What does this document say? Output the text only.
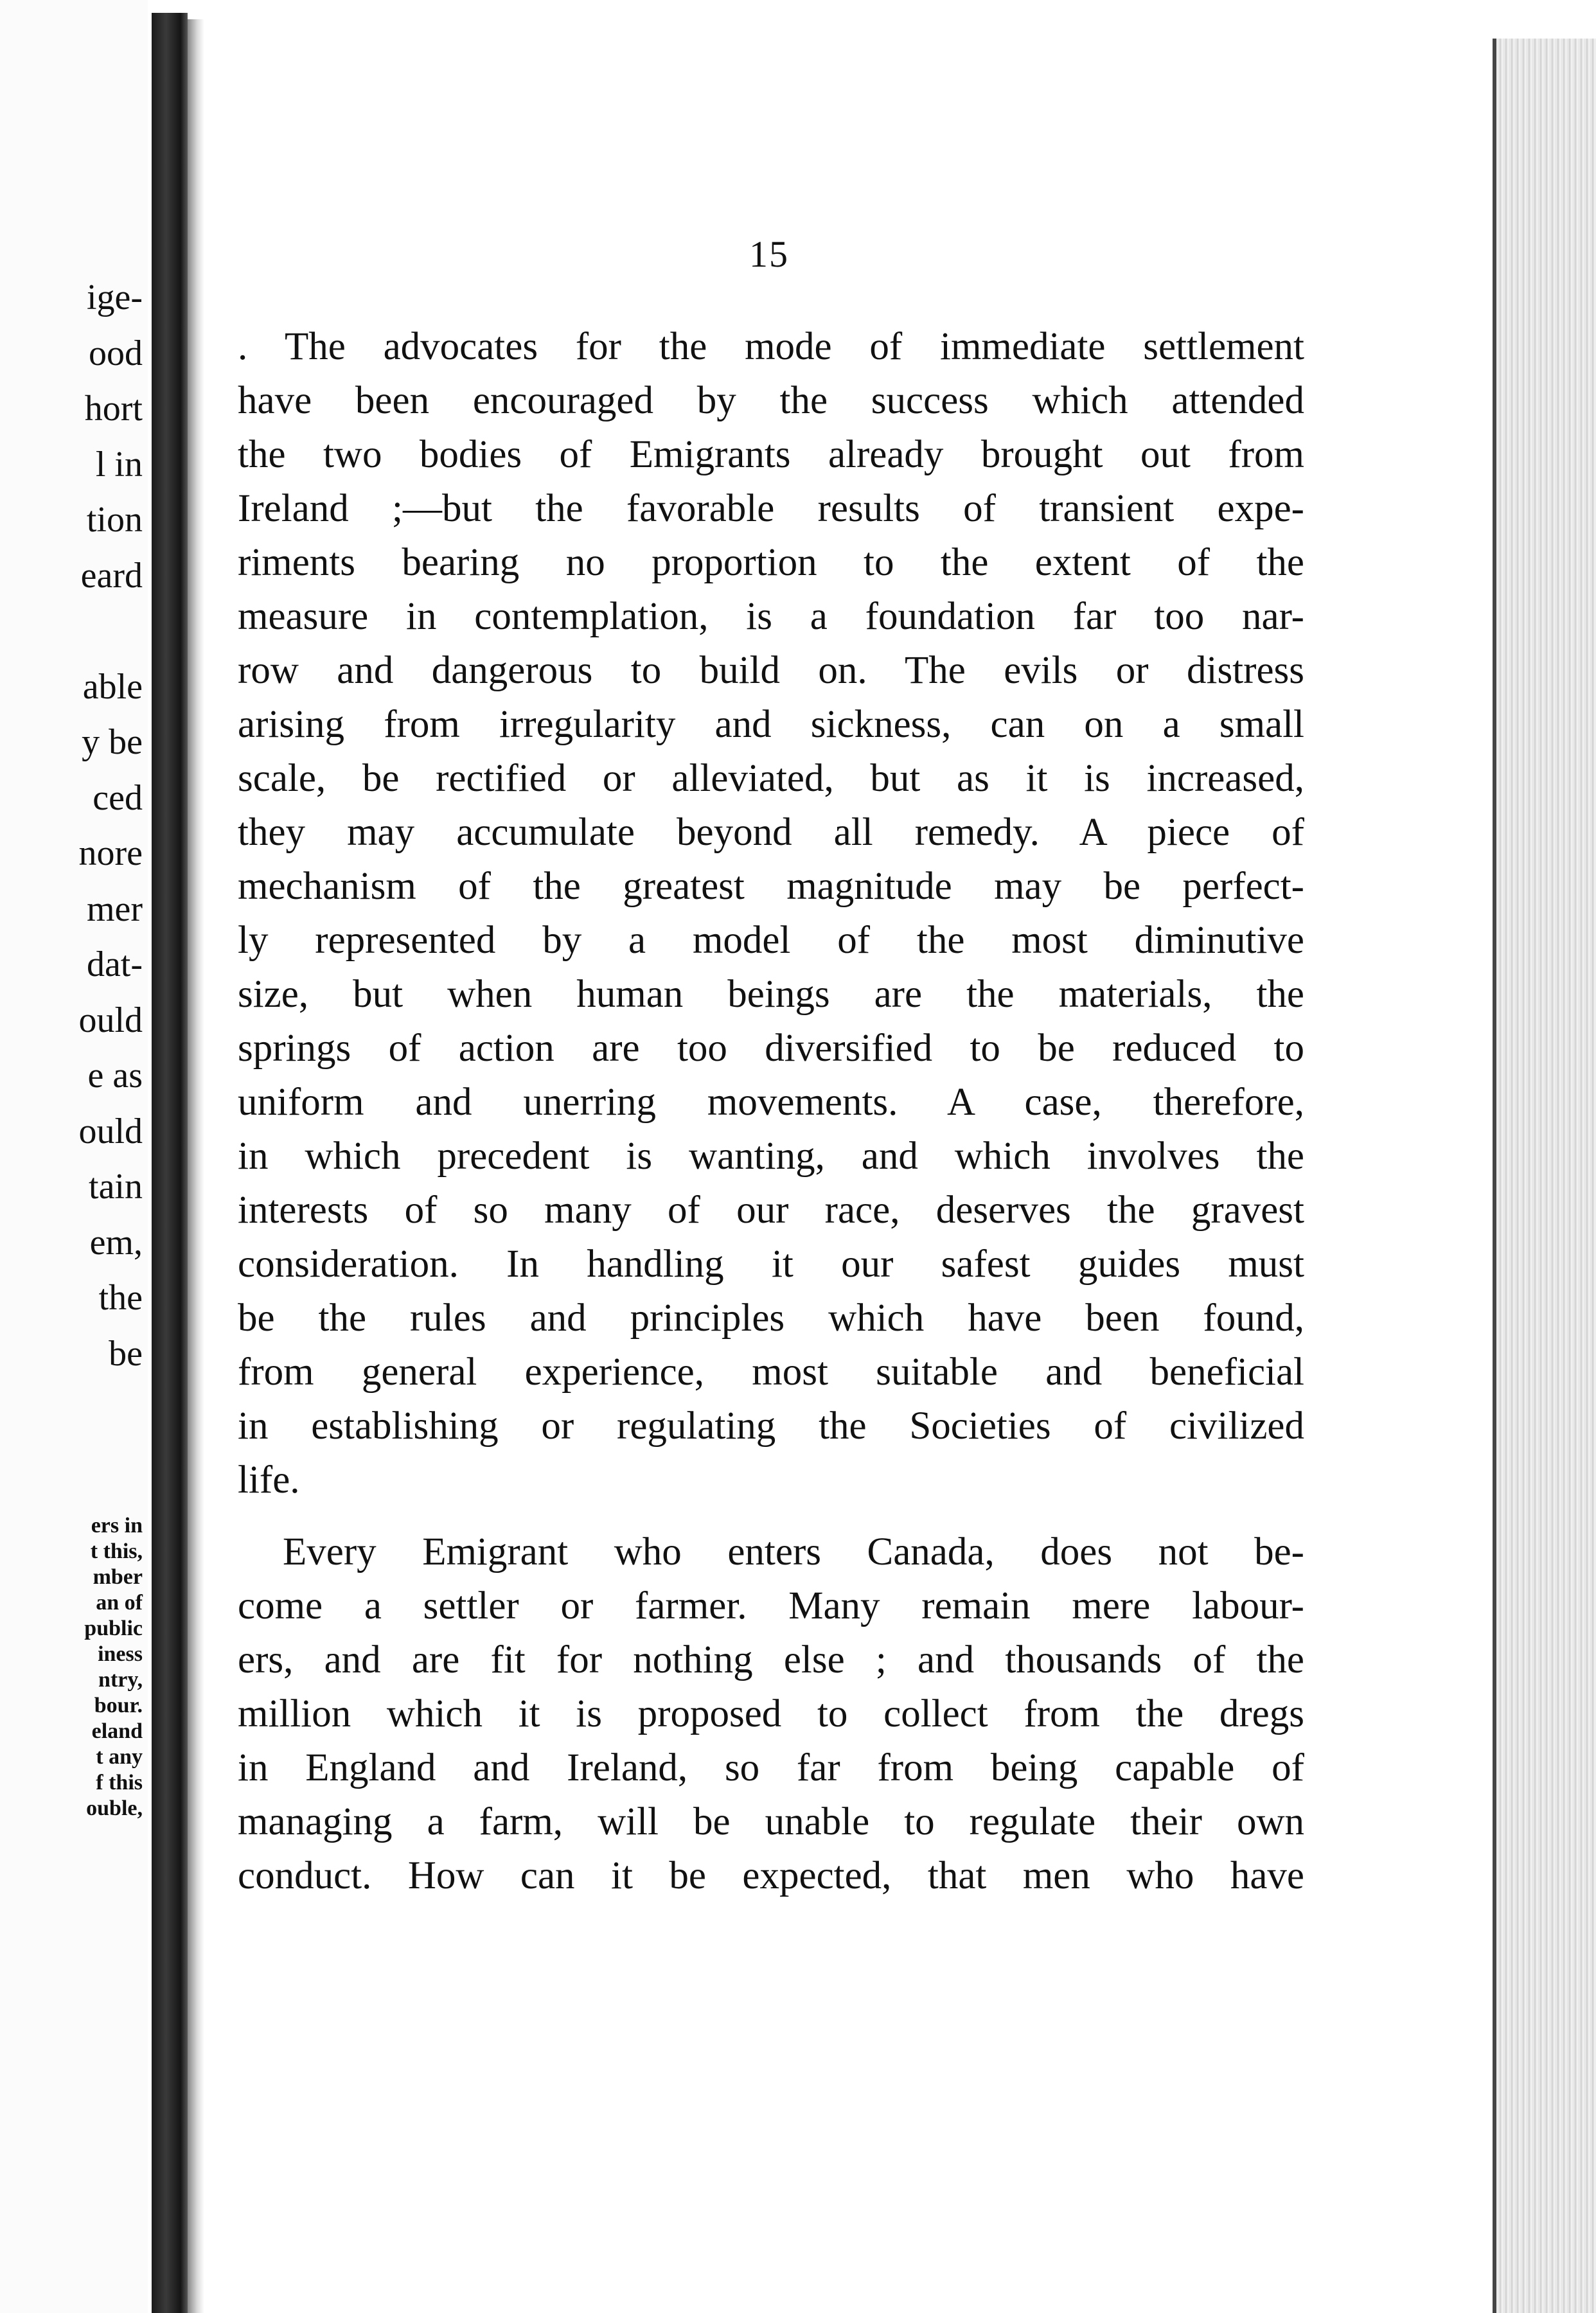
ige-
ood
hort
l in
tion
eard

able
y be
ced
nore
mer
dat-
ould
e as
ould
tain
em,
the
be
ers in
t this,
mber
an of
public
iness
ntry,
bour.
eland
t any
f this
ouble,
15
. The advocates for the mode of immediate settlement
have been encouraged by the success which attended
the two bodies of Emigrants already brought out from
Ireland ;—but the favorable results of transient expe-
riments bearing no proportion to the extent of the
measure in contemplation, is a foundation far too nar-
row and dangerous to build on. The evils or distress
arising from irregularity and sickness, can on a small
scale, be rectified or alleviated, but as it is increased,
they may accumulate beyond all remedy. A piece of
mechanism of the greatest magnitude may be perfect-
ly represented by a model of the most diminutive
size, but when human beings are the materials, the
springs of action are too diversified to be reduced to
uniform and unerring movements. A case, therefore,
in which precedent is wanting, and which involves the
interests of so many of our race, deserves the gravest
consideration. In handling it our safest guides must
be the rules and principles which have been found,
from general experience, most suitable and beneficial
in establishing or regulating the Societies of civilized
life.
Every Emigrant who enters Canada, does not be-
come a settler or farmer. Many remain mere labour-
ers, and are fit for nothing else ; and thousands of the
million which it is proposed to collect from the dregs
in England and Ireland, so far from being capable of
managing a farm, will be unable to regulate their own
conduct. How can it be expected, that men who have
